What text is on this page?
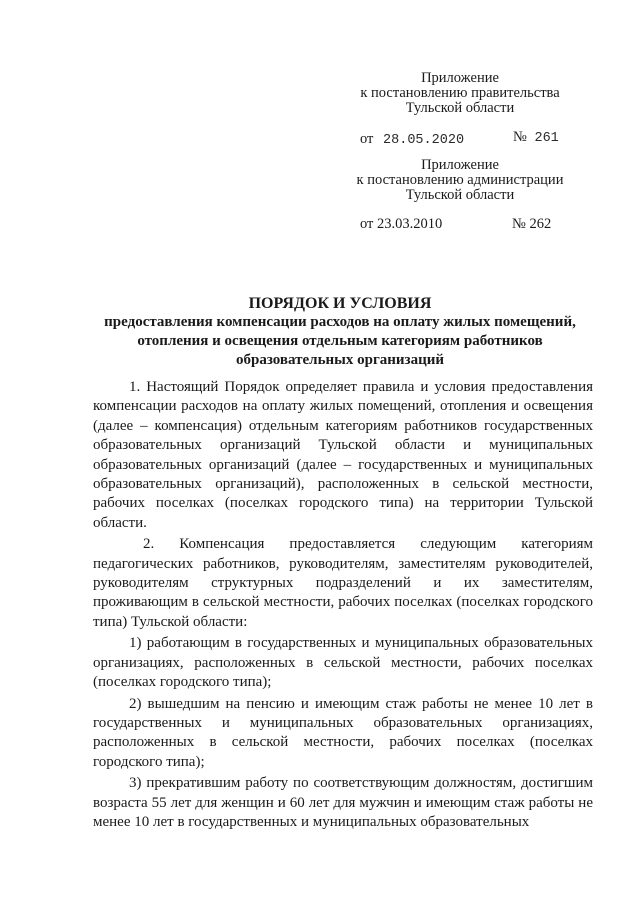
Приложение
к постановлению правительства
Тульской области
от 28.05.2020	№ 261
Приложение
к постановлению администрации
Тульской области
от 23.03.2010	№ 262
ПОРЯДОК И УСЛОВИЯ
предоставления компенсации расходов на оплату жилых помещений, отопления и освещения отдельным категориям работников образовательных организаций

1. Настоящий Порядок определяет правила и условия предоставления компенсации расходов на оплату жилых помещений, отопления и освещения (далее – компенсация) отдельным категориям работников государственных образовательных организаций Тульской области и муниципальных образовательных организаций (далее – государственных и муниципальных образовательных организаций), расположенных в сельской местности, рабочих поселках (поселках городского типа) на территории Тульской области.

2. Компенсация предоставляется следующим категориям педагогических работников, руководителям, заместителям руководителей, руководителям структурных подразделений и их заместителям, проживающим в сельской местности, рабочих поселках (поселках городского типа) Тульской области:

1) работающим в государственных и муниципальных образовательных организациях, расположенных в сельской местности, рабочих поселках (поселках городского типа);

2) вышедшим на пенсию и имеющим стаж работы не менее 10 лет в государственных и муниципальных образовательных организациях, расположенных в сельской местности, рабочих поселках (поселках городского типа);

3) прекратившим работу по соответствующим должностям, достигшим возраста 55 лет для женщин и 60 лет для мужчин и имеющим стаж работы не менее 10 лет в государственных и муниципальных образовательных
